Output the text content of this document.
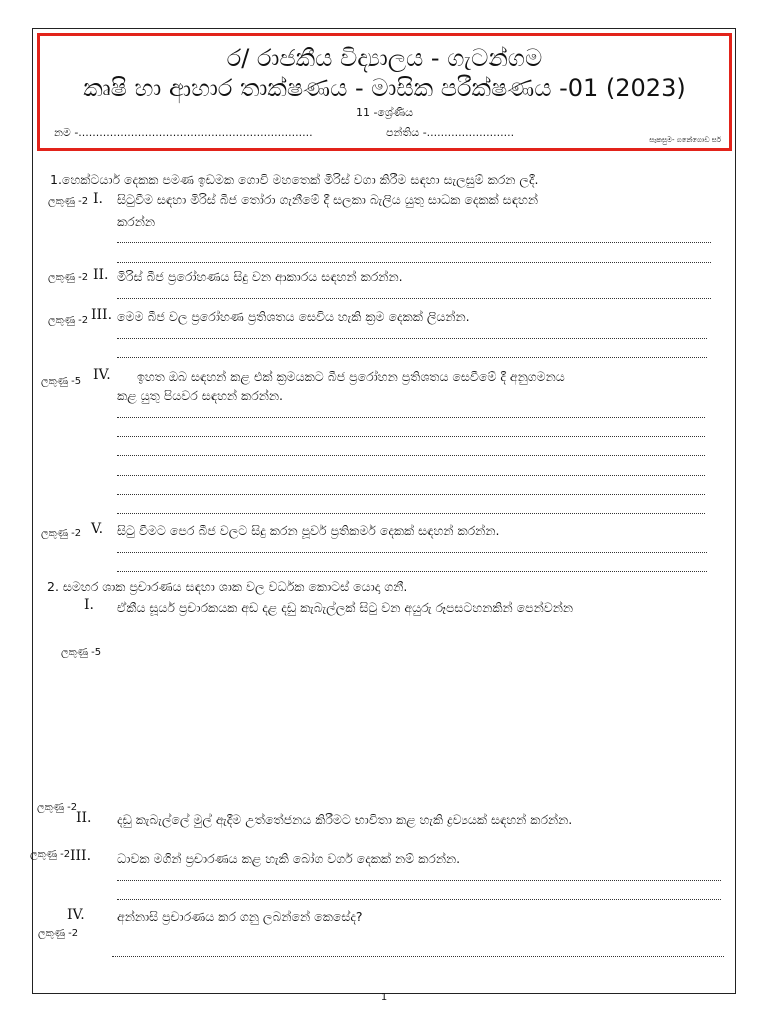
ර/ රාජකීය විද්‍යාලය - ගැටන්ගම
කෘෂි හා ආහාර තාක්ෂණය - මාසික පරීක්ෂණය -01 (2023)
11 -ශ්‍රේණිය
නම -...................................................................	පන්තිය -.........................
සැකසුම- ගනේගොඩ සර්
1.හෙක්ටයාර් දෙකක පමණ ඉඩමක ගොවි මහතෙක් මිරිස් වගා කිරීම සඳහා සැලසුම් කරන ලදී.
ලකුණු -2 I. සිටුවීම සඳහා මිරිස් බීජ තෝරා ගැනීමේ දී සලකා බැලිය යුතු සාධක දෙකක් සඳහන්
කරන්න
ලකුණු -2 II. මිරිස් බීජ ප්‍රරෝහණය සිදු වන ආකාරය සඳහන් කරන්න.
ලකුණු -2 III. මෙම බීජ වල ප්‍රරෝහණ ප්‍රතිශතය සෙවිය හැකි ක්‍රම දෙකක් ලියන්න.
ලකුණු -5 IV. ඉහත ඔබ සඳහන් කළ එක් ක්‍රමයකට බීජ ප්‍රරෝහන ප්‍රතිශතය සෙවීමේ දී අනුගමනය
කළ යුතු පියවර සඳහන් කරන්න.
ලකුණු -2 V. සිටු වීමට පෙර බීජ වලට සිදු කරන පූර්ව ප්‍රතිකර්ම දෙකක් සඳහන් කරන්න.
2. සමහර ශාක ප්‍රචාරණය සඳහා ශාක වල වර්ධක කොටස් යොදා ගනී.
I. ඒකීය සූර්ය ප්‍රචාරකයක අඩ දළ දඩු කැබැල්ලක් සිටු වන අයුරු රූපසටහනකින් පෙන්වන්න
ලකුණු -5
ලකුණු -2
II. දඩු කැබැල්ලේ මුල් ඇදීම උත්තේජනය කිරීමට භාවිතා කළ හැකි ද්‍රව්‍යයක් සඳහන් කරන්න.
ලකුණු -2 III. ධාවක මගින් ප්‍රචාරණය කළ හැකි බෝග වර්ග දෙකක් නම් කරන්න.
IV.	අන්නාසි ප්‍රචාරණය කර ගනු ලබන්නේ කෙසේද?
ලකුණු -2
1
